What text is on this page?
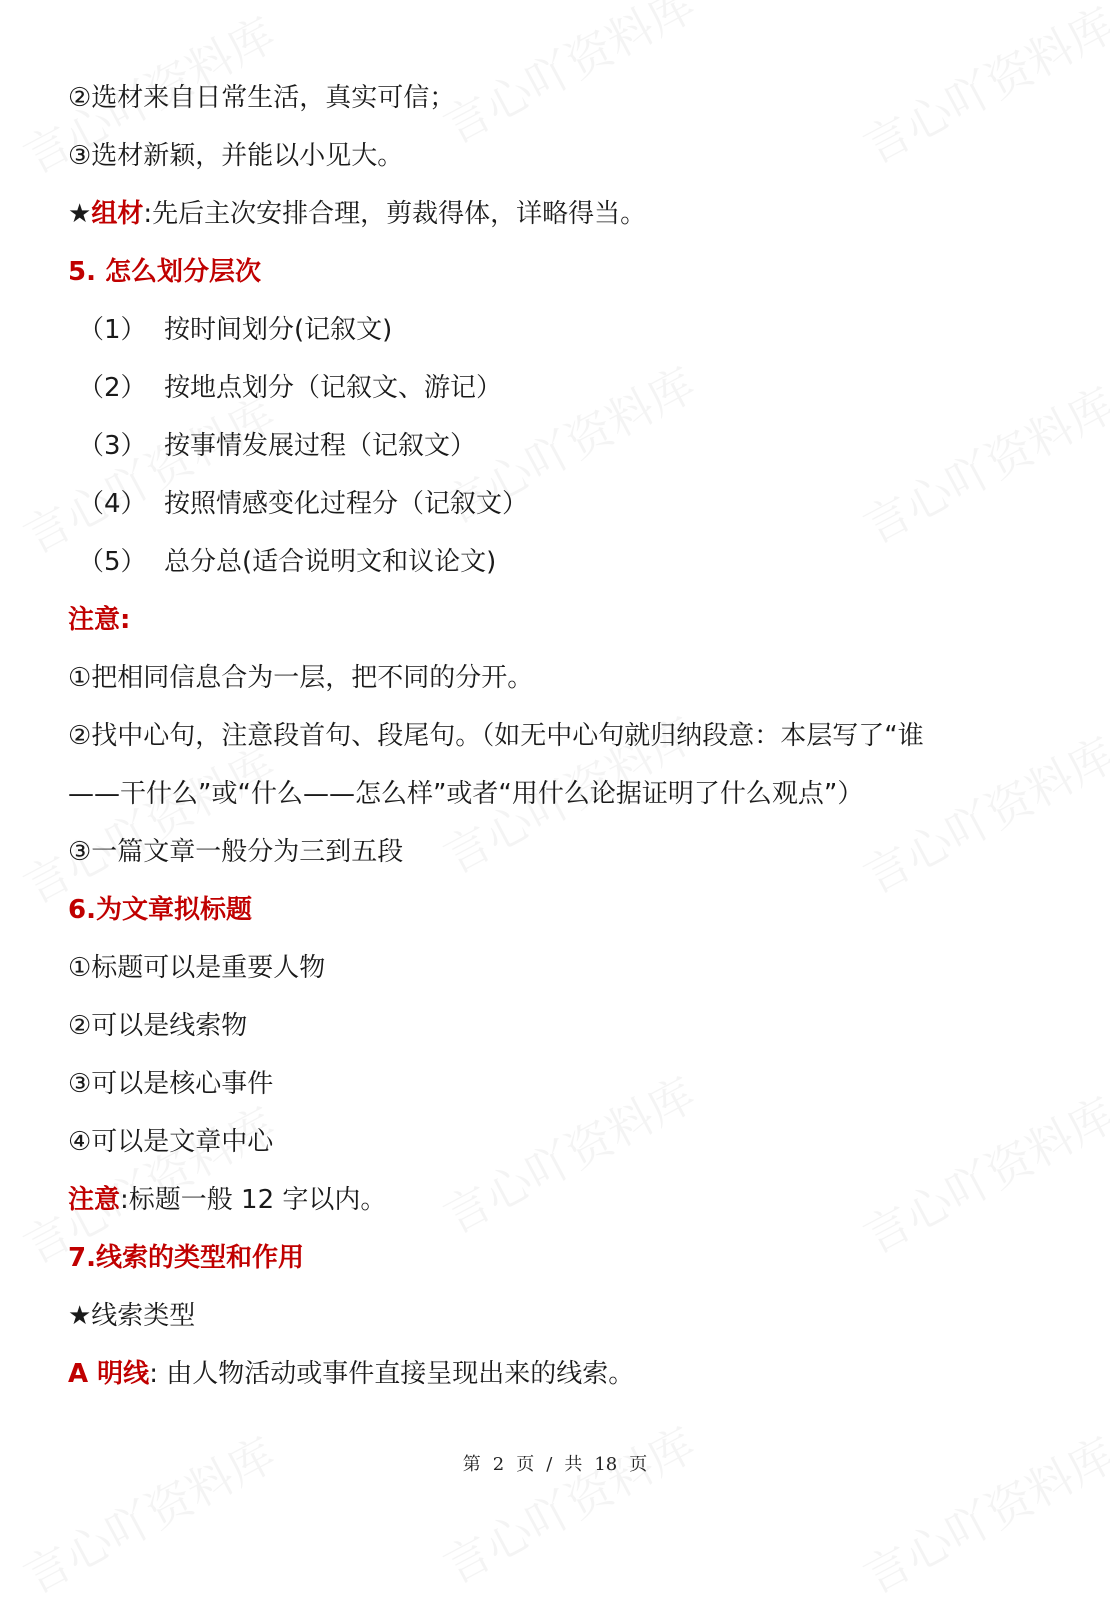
②选材来自日常生活，真实可信；
③选材新颖，并能以小见大。
★组材:先后主次安排合理，剪裁得体，详略得当。
5. 怎么划分层次
（1） 按时间划分(记叙文)
（2） 按地点划分（记叙文、游记）
（3） 按事情发展过程（记叙文）
（4） 按照情感变化过程分（记叙文）
（5） 总分总(适合说明文和议论文)
注意:
①把相同信息合为一层，把不同的分开。
②找中心句，注意段首句、段尾句。（如无中心句就归纳段意：本层写了“谁
——干什么”或“什么——怎么样”或者“用什么论据证明了什么观点”）
③一篇文章一般分为三到五段
6.为文章拟标题
①标题可以是重要人物
②可以是线索物
③可以是核心事件
④可以是文章中心
注意:标题一般 12 字以内。
7.线索的类型和作用
★线索类型
A 明线: 由人物活动或事件直接呈现出来的线索。
第 2 页 / 共 18 页
